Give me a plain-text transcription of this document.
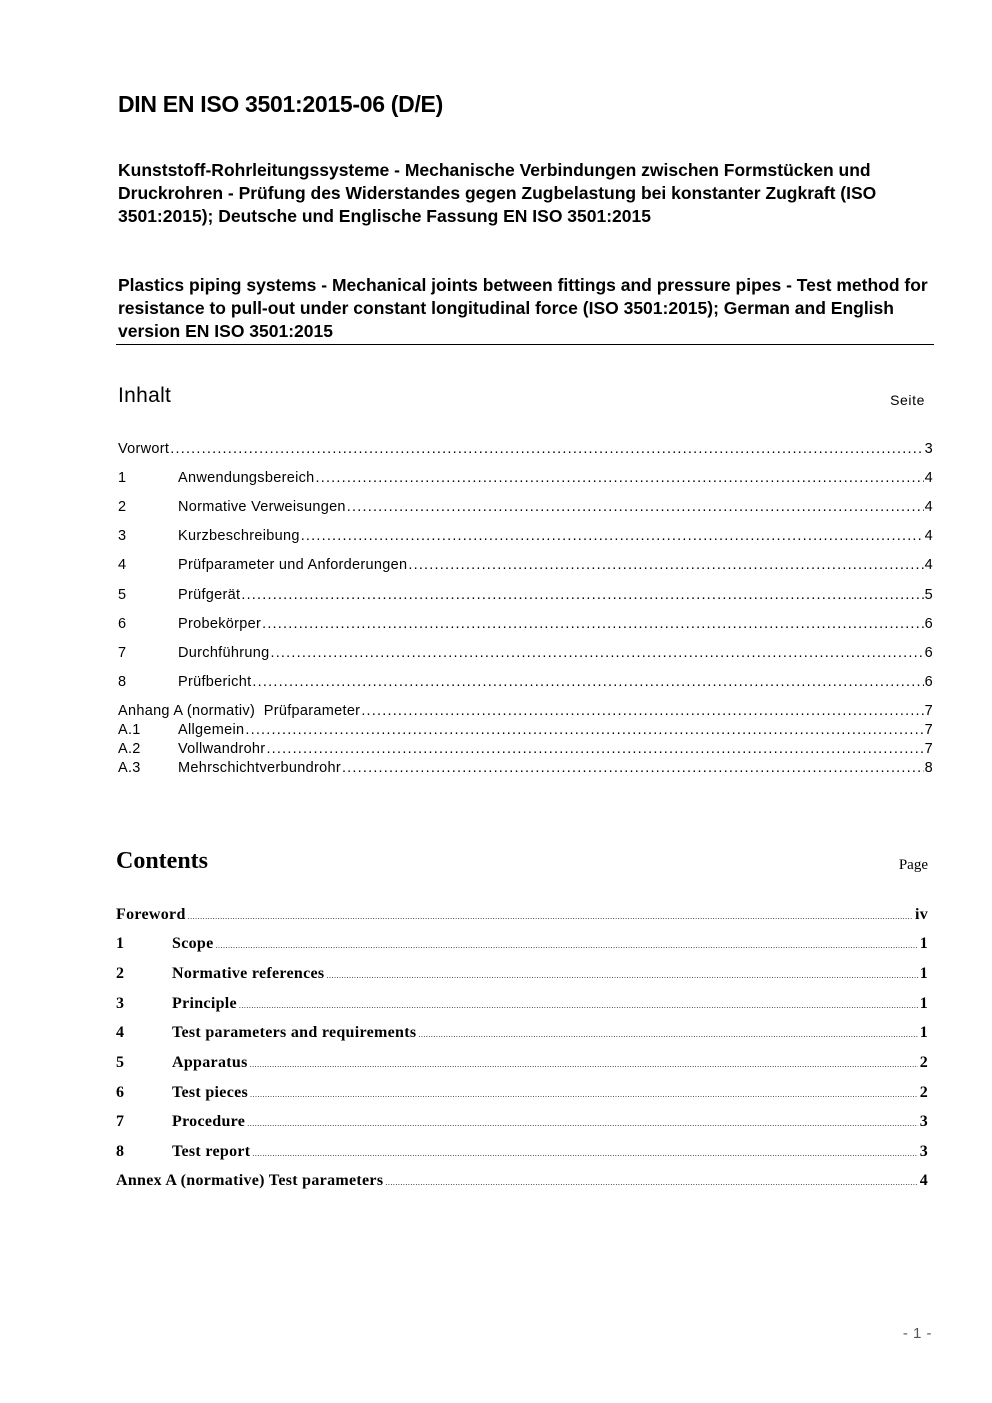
DIN EN ISO 3501:2015-06 (D/E)

Kunststoff-Rohrleitungssysteme - Mechanische Verbindungen zwischen Formstücken und Druckrohren - Prüfung des Widerstandes gegen Zugbelastung bei konstanter Zugkraft (ISO 3501:2015); Deutsche und Englische Fassung EN ISO 3501:2015

Plastics piping systems - Mechanical joints between fittings and pressure pipes - Test method for resistance to pull-out under constant longitudinal force (ISO 3501:2015); German and English version EN ISO 3501:2015

Inhalt	Seite
Vorwort .....	3
1	Anwendungsbereich .....	4
2	Normative Verweisungen .....	4
3	Kurzbeschreibung .....	4
4	Prüfparameter und Anforderungen .....	4
5	Prüfgerät .....	5
6	Probekörper .....	6
7	Durchführung .....	6
8	Prüfbericht .....	6
Anhang A (normativ)  Prüfparameter .....	7
A.1	Allgemein .....	7
A.2	Vollwandrohr .....	7
A.3	Mehrschichtverbundrohr .....	8
Contents	Page
Foreword .....	iv
1	Scope .....	1
2	Normative references .....	1
3	Principle .....	1
4	Test parameters and requirements .....	1
5	Apparatus .....	2
6	Test pieces .....	2
7	Procedure .....	3
8	Test report .....	3
Annex A (normative) Test parameters .....	4
- 1 -
